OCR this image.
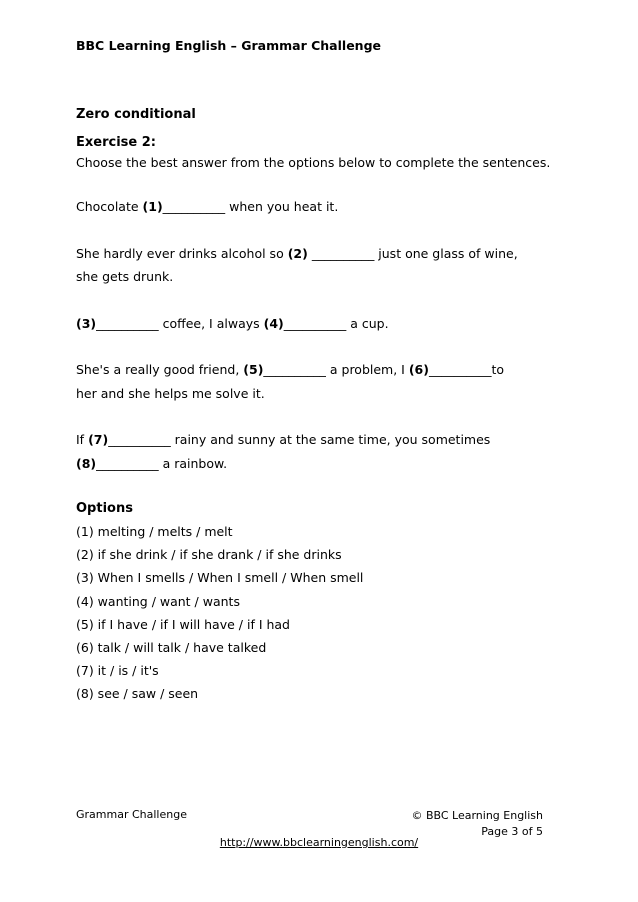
BBC Learning English – Grammar Challenge

Zero conditional

Exercise 2:

Choose the best answer from the options below to complete the sentences.

Chocolate (1)__________ when you heat it.

She hardly ever drinks alcohol so (2) __________ just one glass of wine,
she gets drunk.

(3)__________ coffee, I always (4)__________ a cup.

She's a really good friend, (5)__________ a problem, I (6)__________to
her and she helps me solve it.

If (7)__________ rainy and sunny at the same time, you sometimes
(8)__________ a rainbow.

Options

(1) melting / melts / melt

(2) if she drink / if she drank / if she drinks

(3) When I smells / When I smell / When smell

(4) wanting / want / wants

(5) if I have / if I will have / if I had

(6) talk / will talk / have talked

(7) it / is / it's

(8) see / saw / seen

Grammar Challenge	© BBC Learning English
Page 3 of 5
http://www.bbclearningenglish.com/
